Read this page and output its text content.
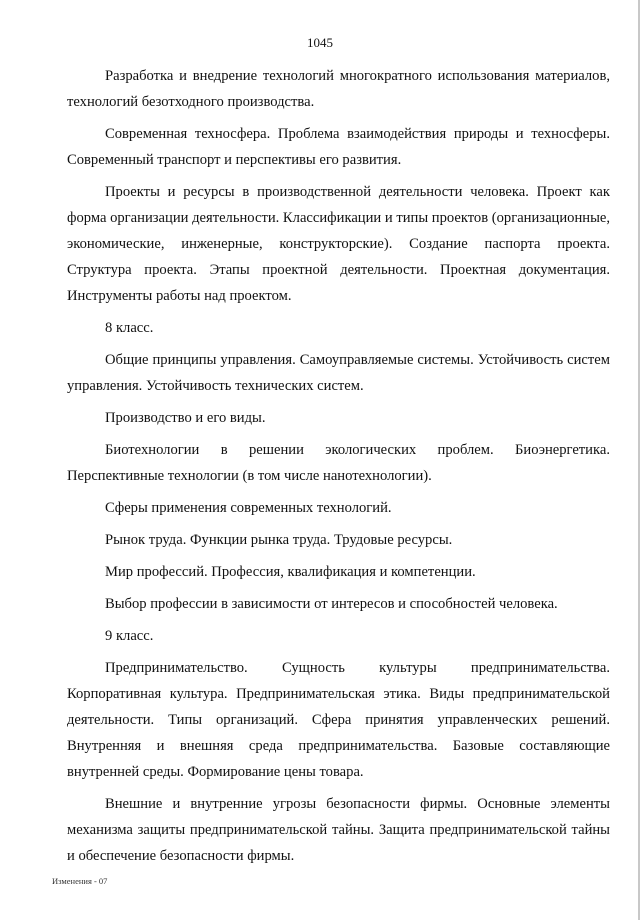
1045

Разработка и внедрение технологий многократного использования материалов, технологий безотходного производства.

Современная техносфера. Проблема взаимодействия природы и техносферы. Современный транспорт и перспективы его развития.

Проекты и ресурсы в производственной деятельности человека. Проект как форма организации деятельности. Классификации и типы проектов (организационные, экономические, инженерные, конструкторские). Создание паспорта проекта. Структура проекта. Этапы проектной деятельности. Проектная документация. Инструменты работы над проектом.

8 класс.

Общие принципы управления. Самоуправляемые системы. Устойчивость систем управления. Устойчивость технических систем.

Производство и его виды.

Биотехнологии в решении экологических проблем. Биоэнергетика. Перспективные технологии (в том числе нанотехнологии).

Сферы применения современных технологий.

Рынок труда. Функции рынка труда. Трудовые ресурсы.

Мир профессий. Профессия, квалификация и компетенции.

Выбор профессии в зависимости от интересов и способностей человека.

9 класс.

Предпринимательство. Сущность культуры предпринимательства. Корпоративная культура. Предпринимательская этика. Виды предпринимательской деятельности. Типы организаций. Сфера принятия управленческих решений. Внутренняя и внешняя среда предпринимательства. Базовые составляющие внутренней среды. Формирование цены товара.

Внешние и внутренние угрозы безопасности фирмы. Основные элементы механизма защиты предпринимательской тайны. Защита предпринимательской тайны и обеспечение безопасности фирмы.

Изменения - 07
